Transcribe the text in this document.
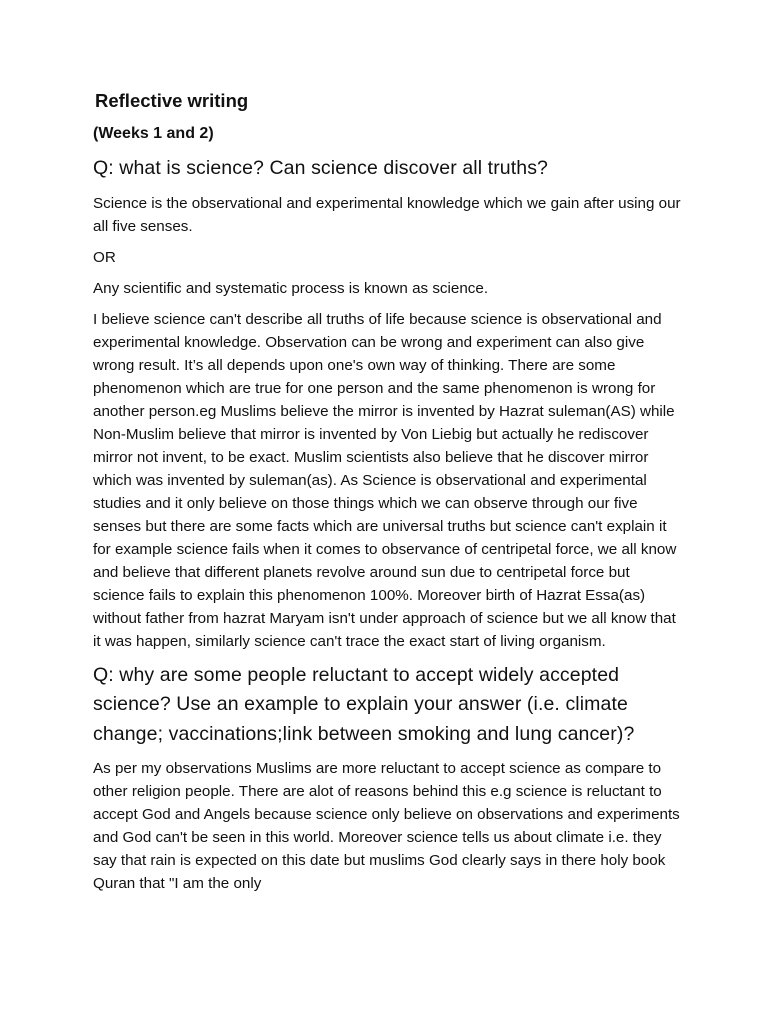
Reflective writing
(Weeks 1 and 2)

Q: what is science? Can science discover all truths?

Science is the observational and experimental knowledge which we gain after using our all five senses.

OR

Any scientific and systematic process is known as science.

I believe science can't describe all truths of life because science is observational and experimental knowledge. Observation can be wrong and experiment can also give wrong result. It’s all depends upon one's own way of thinking. There are some phenomenon which are true for one person and the same phenomenon is wrong for another person.eg Muslims believe the mirror is invented by Hazrat suleman(AS) while Non-Muslim believe that mirror is invented by Von Liebig but actually he rediscover mirror not invent, to be exact. Muslim scientists also believe that he discover mirror which was invented by suleman(as). As Science is observational and experimental studies and it only believe on those things which we can observe through our five senses but there are some facts which are universal truths but science can't explain it for example science fails when it comes to observance of centripetal force, we all know and believe that different planets revolve around sun due to centripetal force but science fails to explain this phenomenon 100%. Moreover birth of Hazrat Essa(as) without father from hazrat Maryam isn't under approach of science but we all know that it was happen, similarly science can't trace the exact start of living organism.

Q: why are some people reluctant to accept widely accepted science? Use an example to explain your answer (i.e. climate change; vaccinations;link between smoking and lung cancer)?

As per my observations Muslims are more reluctant to accept science as compare to other religion people. There are alot of reasons behind this e.g science is reluctant to accept God and Angels because science only believe on observations and experiments and God can't be seen in this world. Moreover science tells us about climate i.e. they say that rain is expected on this date but muslims God clearly says in there holy book Quran that "I am the only
